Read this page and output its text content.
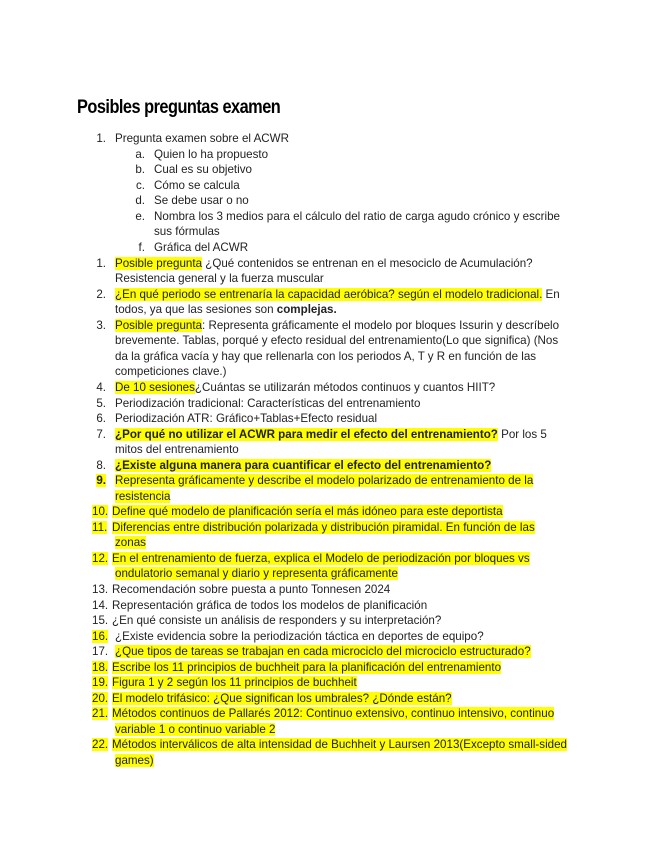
Posibles preguntas examen
1. Pregunta examen sobre el ACWR
a. Quien lo ha propuesto
b. Cual es su objetivo
c. Cómo se calcula
d. Se debe usar o no
e. Nombra los 3 medios para el cálculo del ratio de carga agudo crónico y escribe
sus fórmulas
f. Gráfica del ACWR
1. Posible pregunta ¿Qué contenidos se entrenan en el mesociclo de Acumulación?
Resistencia general y la fuerza muscular
2. ¿En qué periodo se entrenaría la capacidad aeróbica? según el modelo tradicional. En
todos, ya que las sesiones son complejas.
3. Posible pregunta: Representa gráficamente el modelo por bloques Issurin y descríbelo
brevemente. Tablas, porqué y efecto residual del entrenamiento(Lo que significa) (Nos
da la gráfica vacía y hay que rellenarla con los periodos A, T y R en función de las
competiciones clave.)
4. De 10 sesiones¿Cuántas se utilizarán métodos continuos y cuantos HIIT?
5. Periodización tradicional: Características del entrenamiento
6. Periodización ATR: Gráfico+Tablas+Efecto residual
7. ¿Por qué no utilizar el ACWR para medir el efecto del entrenamiento? Por los 5
mitos del entrenamiento
8. ¿Existe alguna manera para cuantificar el efecto del entrenamiento?
9. Representa gráficamente y describe el modelo polarizado de entrenamiento de la
resistencia
10. Define qué modelo de planificación sería el más idóneo para este deportista
11. Diferencias entre distribución polarizada y distribución piramidal. En función de las
zonas
12. En el entrenamiento de fuerza, explica el Modelo de periodización por bloques vs
ondulatorio semanal y diario y representa gráficamente
13. Recomendación sobre puesta a punto Tonnesen 2024
14. Representación gráfica de todos los modelos de planificación
15. ¿En qué consiste un análisis de responders y su interpretación?
16. ¿Existe evidencia sobre la periodización táctica en deportes de equipo?
17. ¿Que tipos de tareas se trabajan en cada microciclo del microciclo estructurado?
18. Escribe los 11 principios de buchheit para la planificación del entrenamiento
19. Figura 1 y 2 según los 11 principios de buchheit
20. El modelo trifásico: ¿Que significan los umbrales? ¿Dónde están?
21. Métodos continuos de Pallarés 2012: Continuo extensivo, continuo intensivo, continuo
variable 1 o continuo variable 2
22. Métodos interválicos de alta intensidad de Buchheit y Laursen 2013(Excepto small-sided
games)
